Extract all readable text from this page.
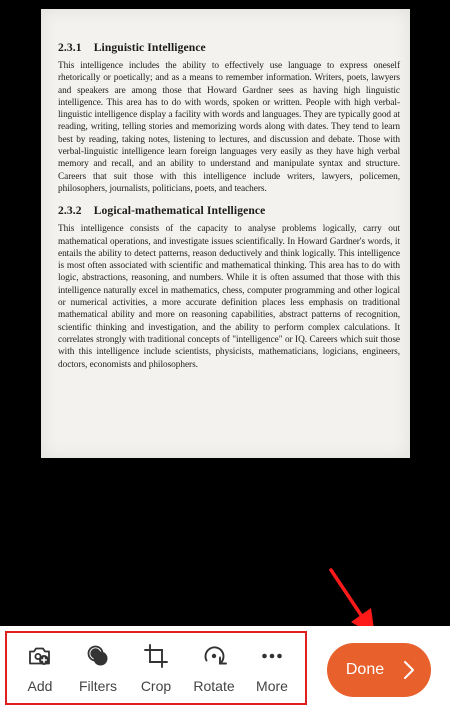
2.3.1 Linguistic Intelligence

This intelligence includes the ability to effectively use language to express oneself rhetorically or poetically; and as a means to remember information. Writers, poets, lawyers and speakers are among those that Howard Gardner sees as having high linguistic intelligence. This area has to do with words, spoken or written. People with high verbal-linguistic intelligence display a facility with words and languages. They are typically good at reading, writing, telling stories and memorizing words along with dates. They tend to learn best by reading, taking notes, listening to lectures, and discussion and debate. Those with verbal-linguistic intelligence learn foreign languages very easily as they have high verbal memory and recall, and an ability to understand and manipulate syntax and structure. Careers that suit those with this intelligence include writers, lawyers, policemen, philosophers, journalists, politicians, poets, and teachers.

2.3.2 Logical-mathematical Intelligence

This intelligence consists of the capacity to analyse problems logically, carry out mathematical operations, and investigate issues scientifically. In Howard Gardner's words, it entails the ability to detect patterns, reason deductively and think logically. This intelligence is most often associated with scientific and mathematical thinking. This area has to do with logic, abstractions, reasoning, and numbers. While it is often assumed that those with this intelligence naturally excel in mathematics, chess, computer programming and other logical or numerical activities, a more accurate definition places less emphasis on traditional mathematical ability and more on reasoning capabilities, abstract patterns of recognition, scientific thinking and investigation, and the ability to perform complex calculations. It correlates strongly with traditional concepts of "intelligence" or IQ. Careers which suit those with this intelligence include scientists, physicists, mathematicians, logicians, engineers, doctors, economists and philosophers.

Add Filters Crop Rotate More
Done
